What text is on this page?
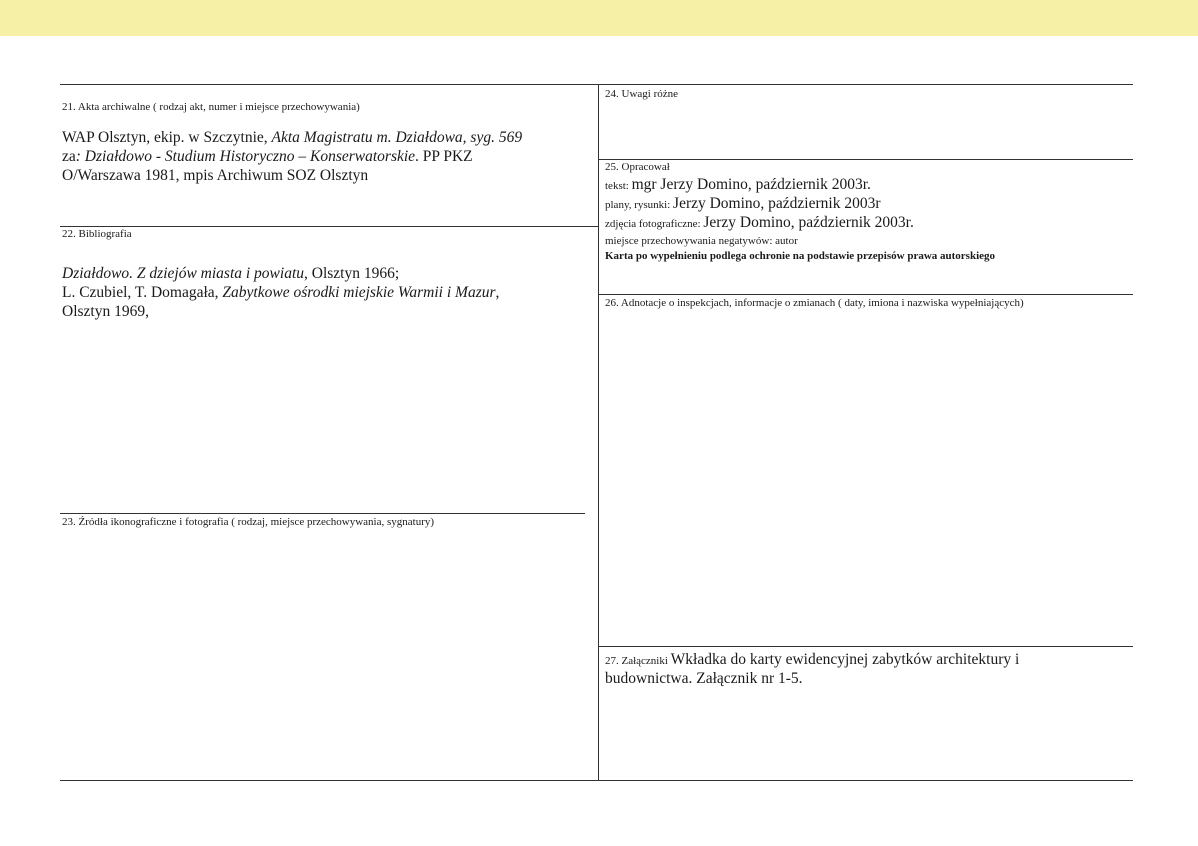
21. Akta archiwalne ( rodzaj akt, numer i miejsce przechowywania)
WAP Olsztyn, ekip. w Szczytnie, Akta Magistratu m. Działdowa, syg. 569
za: Działdowo - Studium Historyczno – Konserwatorskie. PP PKZ
O/Warszawa 1981, mpis Archiwum SOZ Olsztyn
22. Bibliografia
Działdowo. Z dziejów miasta i powiatu, Olsztyn 1966;
L. Czubiel, T. Domagała, Zabytkowe ośrodki miejskie Warmii i Mazur,
Olsztyn 1969,
23. Źródła ikonograficzne i fotografia ( rodzaj, miejsce przechowywania, sygnatury)
24. Uwagi różne
25. Opracował
tekst: mgr Jerzy Domino, październik 2003r.
plany, rysunki: Jerzy Domino, październik 2003r
zdjęcia fotograficzne: Jerzy Domino, październik 2003r.
miejsce przechowywania negatywów: autor
Karta po wypełnieniu podlega ochronie na podstawie przepisów prawa autorskiego
26. Adnotacje o inspekcjach, informacje o zmianach ( daty, imiona i nazwiska wypełniających)
27. Załączniki Wkładka do karty ewidencyjnej zabytków architektury i
budownictwa. Załącznik nr 1-5.
